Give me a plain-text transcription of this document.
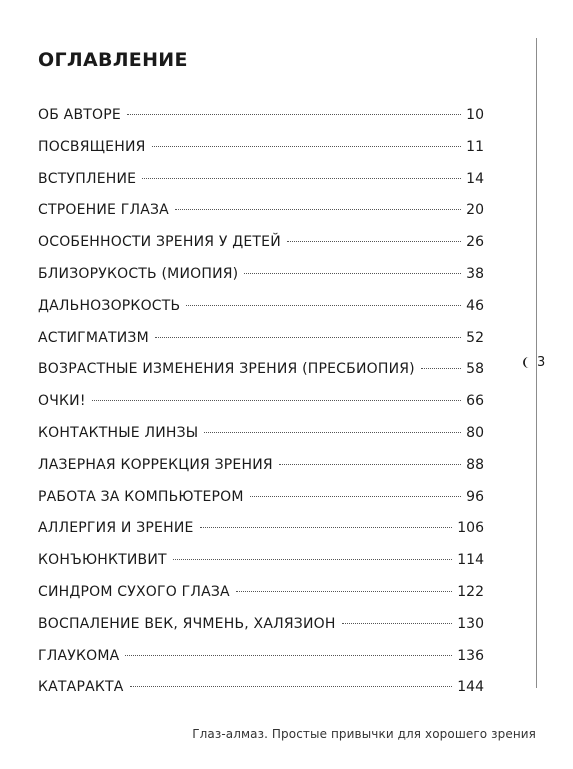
ОГЛАВЛЕНИЕ
ОБ АВТОРЕ	10
ПОСВЯЩЕНИЯ	11
ВСТУПЛЕНИЕ	14
СТРОЕНИЕ ГЛАЗА	20
ОСОБЕННОСТИ ЗРЕНИЯ У ДЕТЕЙ	26
БЛИЗОРУКОСТЬ (МИОПИЯ)	38
ДАЛЬНОЗОРКОСТЬ	46
АСТИГМАТИЗМ	52
ВОЗРАСТНЫЕ ИЗМЕНЕНИЯ ЗРЕНИЯ (ПРЕСБИОПИЯ)	58
ОЧКИ!	66
КОНТАКТНЫЕ ЛИНЗЫ	80
ЛАЗЕРНАЯ КОРРЕКЦИЯ ЗРЕНИЯ	88
РАБОТА ЗА КОМПЬЮТЕРОМ	96
АЛЛЕРГИЯ И ЗРЕНИЕ	106
КОНЪЮНКТИВИТ	114
СИНДРОМ СУХОГО ГЛАЗА	122
ВОСПАЛЕНИЕ ВЕК, ЯЧМЕНЬ, ХАЛЯЗИОН	130
ГЛАУКОМА	136
КАТАРАКТА	144
3
Глаз-алмаз. Простые привычки для хорошего зрения
